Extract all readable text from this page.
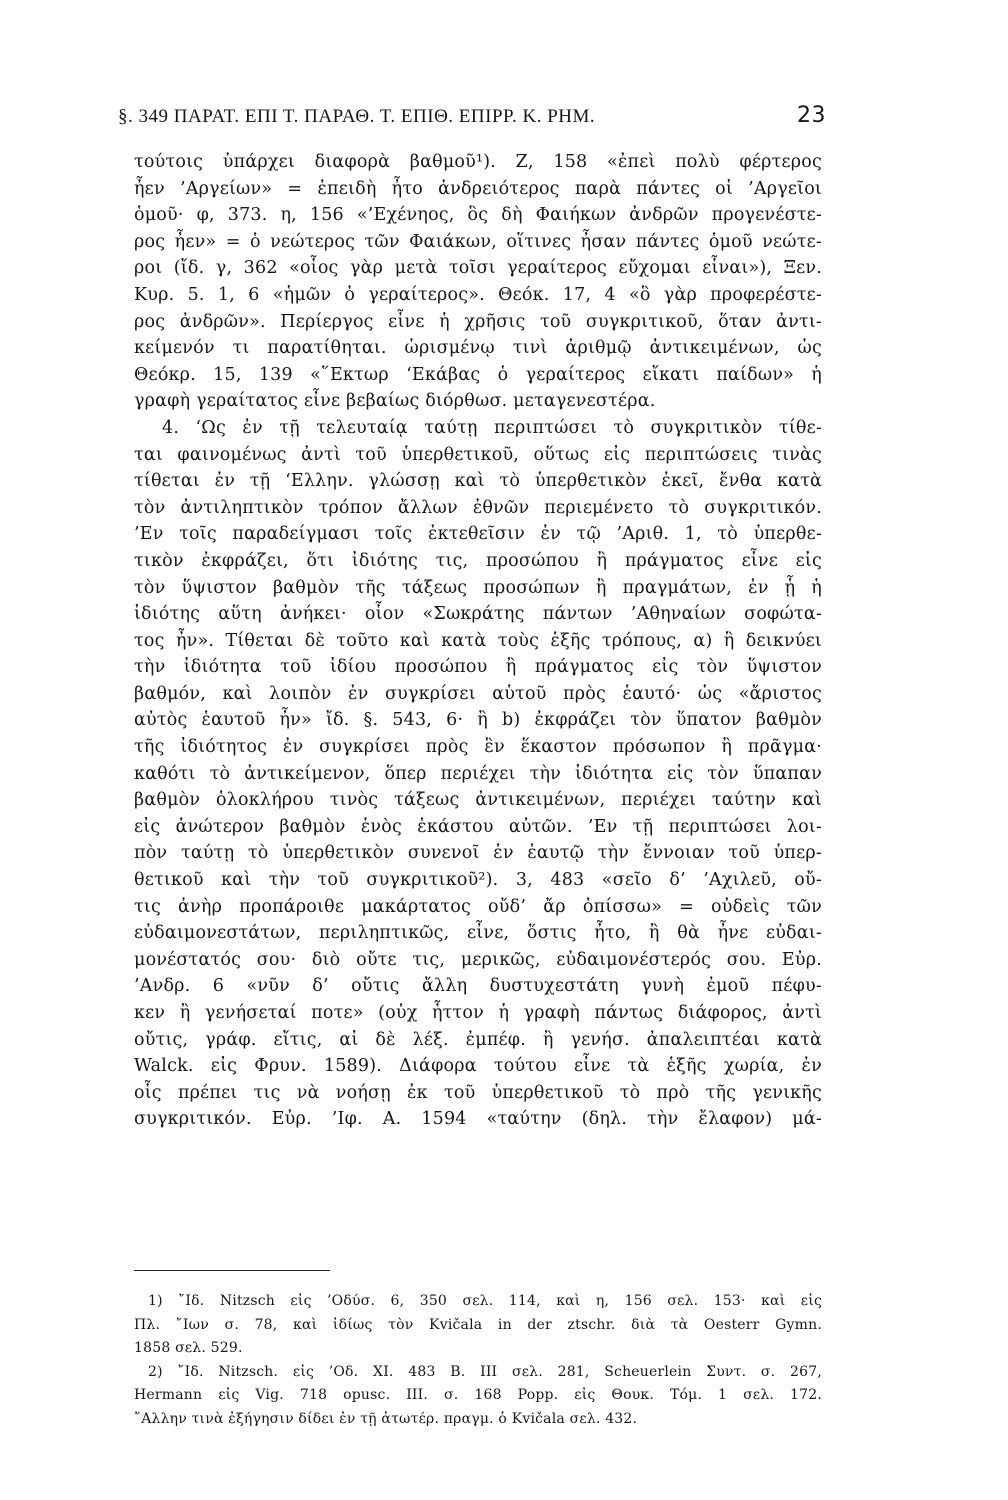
§. 349 ΠΑΡΑΤ. ΕΠΙ Τ. ΠΑΡΑΘ. Τ. ΕΠΙΘ. ΕΠΙΡΡ. Κ. ΡΗΜ.	23
τούτοις ὑπάρχει διαφορὰ βαθμοῦ¹). Ζ, 158 «ἐπεὶ πολὺ φέρτερος
ἦεν ’Αργείων» = ἐπειδὴ ἦτο ἀνδρειότερος παρὰ πάντες οἱ ’Αργεῖοι
ὁμοῦ· φ, 373. η, 156 «’Εχένηος, ὃς δὴ Φαιήκων ἀνδρῶν προγενέστε-
ρος ἦεν» = ὁ νεώτερος τῶν Φαιάκων, οἵτινες ἦσαν πάντες ὁμοῦ νεώτε-
ροι (ἴδ. γ, 362 «οἷος γὰρ μετὰ τοῖσι γεραίτερος εὔχομαι εἶναι»), Ξεν.
Κυρ. 5. 1, 6 «ἡμῶν ὁ γεραίτερος». Θεόκ. 17, 4 «ὃ γὰρ προφερέστε-
ρος ἀνδρῶν». Περίεργος εἶνε ἡ χρῆσις τοῦ συγκριτικοῦ, ὅταν ἀντι-
κείμενόν τι παρατίθηται. ὡρισμένῳ τινὶ ἀριθμῷ ἀντικειμένων, ὡς
Θεόκρ. 15, 139 «῞Εκτωρ ‘Εκάβας ὁ γεραίτερος εἴκατι παίδων» ἡ
γραφὴ γεραίτατος εἶνε βεβαίως διόρθωσ. μεταγενεστέρα.
4. ‘Ως ἐν τῇ τελευταίᾳ ταύτῃ περιπτώσει τὸ συγκριτικὸν τίθε-
ται φαινομένως ἀντὶ τοῦ ὑπερθετικοῦ, οὕτως εἰς περιπτώσεις τινὰς
τίθεται ἐν τῇ ‘Ελλην. γλώσσῃ καὶ τὸ ὑπερθετικὸν ἐκεῖ, ἔνθα κατὰ
τὸν ἀντιληπτικὸν τρόπον ἄλλων ἐθνῶν περιεμένετο τὸ συγκριτικόν.
’Εν τοῖς παραδείγμασι τοῖς ἐκτεθεῖσιν ἐν τῷ ’Αριθ. 1, τὸ ὑπερθε-
τικὸν ἐκφράζει, ὅτι ἰδιότης τις, προσώπου ἢ πράγματος εἶνε εἰς
τὸν ὕψιστον βαθμὸν τῆς τάξεως προσώπων ἢ πραγμάτων, ἐν ᾗ ἡ
ἰδιότης αὕτη ἀνήκει· οἷον «Σωκράτης πάντων ’Αθηναίων σοφώτα-
τος ἦν». Τίθεται δὲ τοῦτο καὶ κατὰ τοὺς ἑξῆς τρόπους, α) ἢ δεικνύει
τὴν ἰδιότητα τοῦ ἰδίου προσώπου ἢ πράγματος εἰς τὸν ὕψιστον
βαθμόν, καὶ λοιπὸν ἐν συγκρίσει αὑτοῦ πρὸς ἑαυτό· ὡς «ἄριστος
αὐτὸς ἑαυτοῦ ἦν» ἴδ. §. 543, 6· ἢ b) ἐκφράζει τὸν ὕπατον βαθμὸν
τῆς ἰδιότητος ἐν συγκρίσει πρὸς ἓν ἕκαστον πρόσωπον ἢ πρᾶγμα·
καθότι τὸ ἀντικείμενον, ὅπερ περιέχει τὴν ἰδιότητα εἰς τὸν ὕπαπαν
βαθμὸν ὁλοκλήρου τινὸς τάξεως ἀντικειμένων, περιέχει ταύτην καὶ
εἰς ἀνώτερον βαθμὸν ἑνὸς ἑκάστου αὐτῶν. ’Εν τῇ περιπτώσει λοι-
πὸν ταύτῃ τὸ ὑπερθετικὸν συνενοῖ ἐν ἑαυτῷ τὴν ἔννοιαν τοῦ ὑπερ-
θετικοῦ καὶ τὴν τοῦ συγκριτικοῦ²). 3, 483 «σεῖο δ’ ’Αχιλεῦ, οὔ-
τις ἀνὴρ προπάροιθε μακάρτατος οὔδ’ ἄρ ὀπίσσω» = οὐδεὶς τῶν
εὐδαιμονεστάτων, περιληπτικῶς, εἶνε, ὅστις ἦτο, ἢ θὰ ἦνε εὐδαι-
μονέστατός σου· διὸ οὔτε τις, μερικῶς, εὐδαιμονέστερός σου. Εὐρ.
’Ανδρ. 6 «νῦν δ’ οὔτις ἄλλη δυστυχεστάτη γυνὴ ἐμοῦ πέφυ-
κεν ἢ γενήσεταί ποτε» (οὐχ ἧττον ἡ γραφὴ πάντως διάφορος, ἀντὶ
οὔτις, γράφ. εἴτις, αἱ δὲ λέξ. ἐμπέφ. ἢ γενήσ. ἀπαλειπτέαι κατὰ
Walck. εἰς Φρυν. 1589). Διάφορα τούτου εἶνε τὰ ἑξῆς χωρία, ἐν
οἷς πρέπει τις νὰ νοήσῃ ἐκ τοῦ ὑπερθετικοῦ τὸ πρὸ τῆς γενικῆς
συγκριτικόν. Εὐρ. ’Ιφ. Α. 1594 «ταύτην (δηλ. τὴν ἔλαφον) μά-
1) ῎Ιδ. Nitzsch εἰς ’Οδύσ. 6, 350 σελ. 114, καὶ η, 156 σελ. 153· καὶ εἰς
Πλ. ῎Ιων σ. 78, καὶ ἰδίως τὸν Kvičala in der ztschr. διὰ τὰ Oesterr Gymn.
1858 σελ. 529.
2) ῎Ιδ. Nitzsch. εἰς ’Οδ. XI. 483 B. III σελ. 281, Scheuerlein Συντ. σ. 267,
Hermann εἰς Vig. 718 opusc. III. σ. 168 Popp. εἰς Θουκ. Τόμ. 1 σελ. 172.
῎Αλλην τινὰ ἐξήγησιν δίδει ἐν τῇ ἀτωτέρ. πραγμ. ὁ Kvičala σελ. 432.
